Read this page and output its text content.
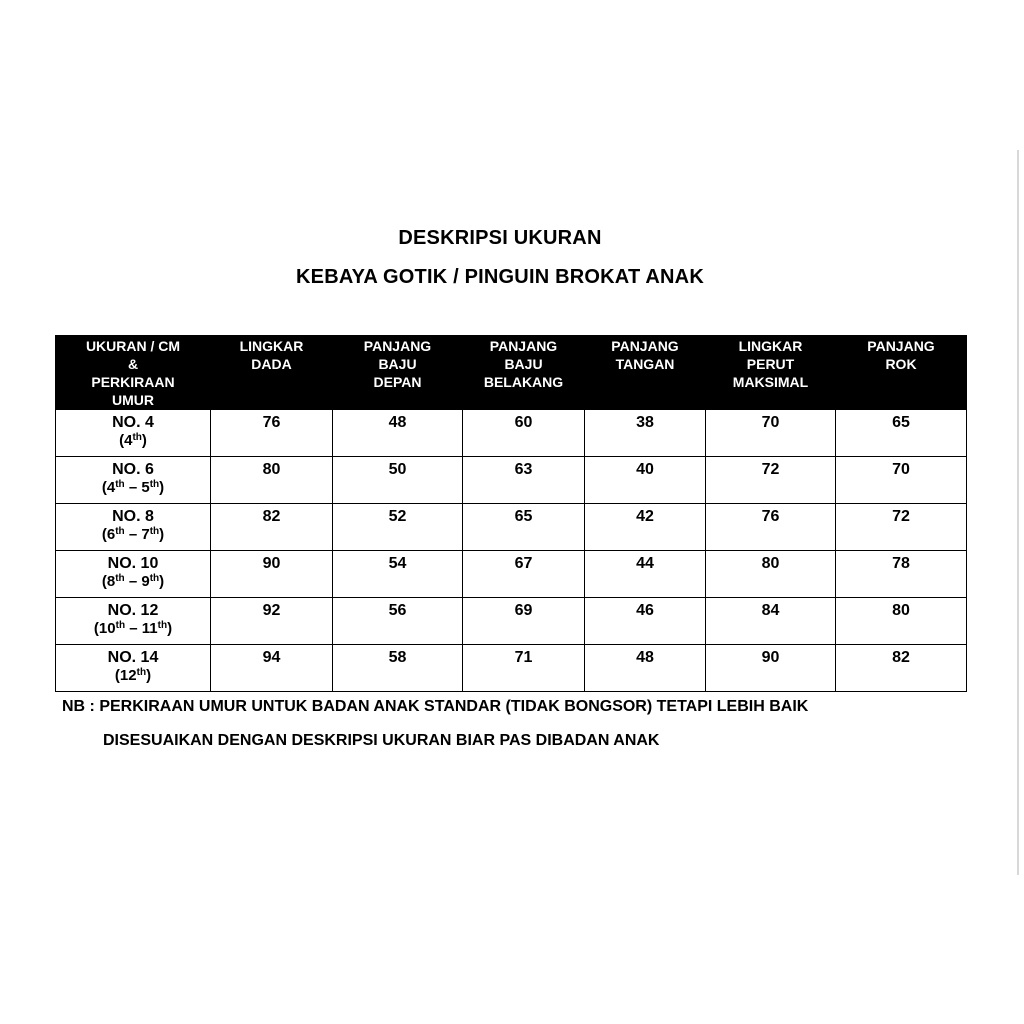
DESKRIPSI UKURAN
KEBAYA GOTIK / PINGUIN BROKAT ANAK
UKURAN / CM
&
PERKIRAAN
UMUR	LINGKAR
DADA	PANJANG
BAJU
DEPAN	PANJANG
BAJU
BELAKANG	PANJANG
TANGAN	LINGKAR
PERUT
MAKSIMAL	PANJANG
ROK

NO. 4
(4th)	76	48	60	38	70	65

NO. 6
(4th – 5th)	80	50	63	40	72	70

NO. 8
(6th – 7th)	82	52	65	42	76	72

NO. 10
(8th – 9th)	90	54	67	44	80	78

NO. 12
(10th – 11th)	92	56	69	46	84	80

NO. 14
(12th)	94	58	71	48	90	82

NB : PERKIRAAN UMUR UNTUK BADAN ANAK STANDAR (TIDAK BONGSOR) TETAPI LEBIH BAIK

DISESUAIKAN DENGAN DESKRIPSI UKURAN BIAR PAS DIBADAN ANAK
